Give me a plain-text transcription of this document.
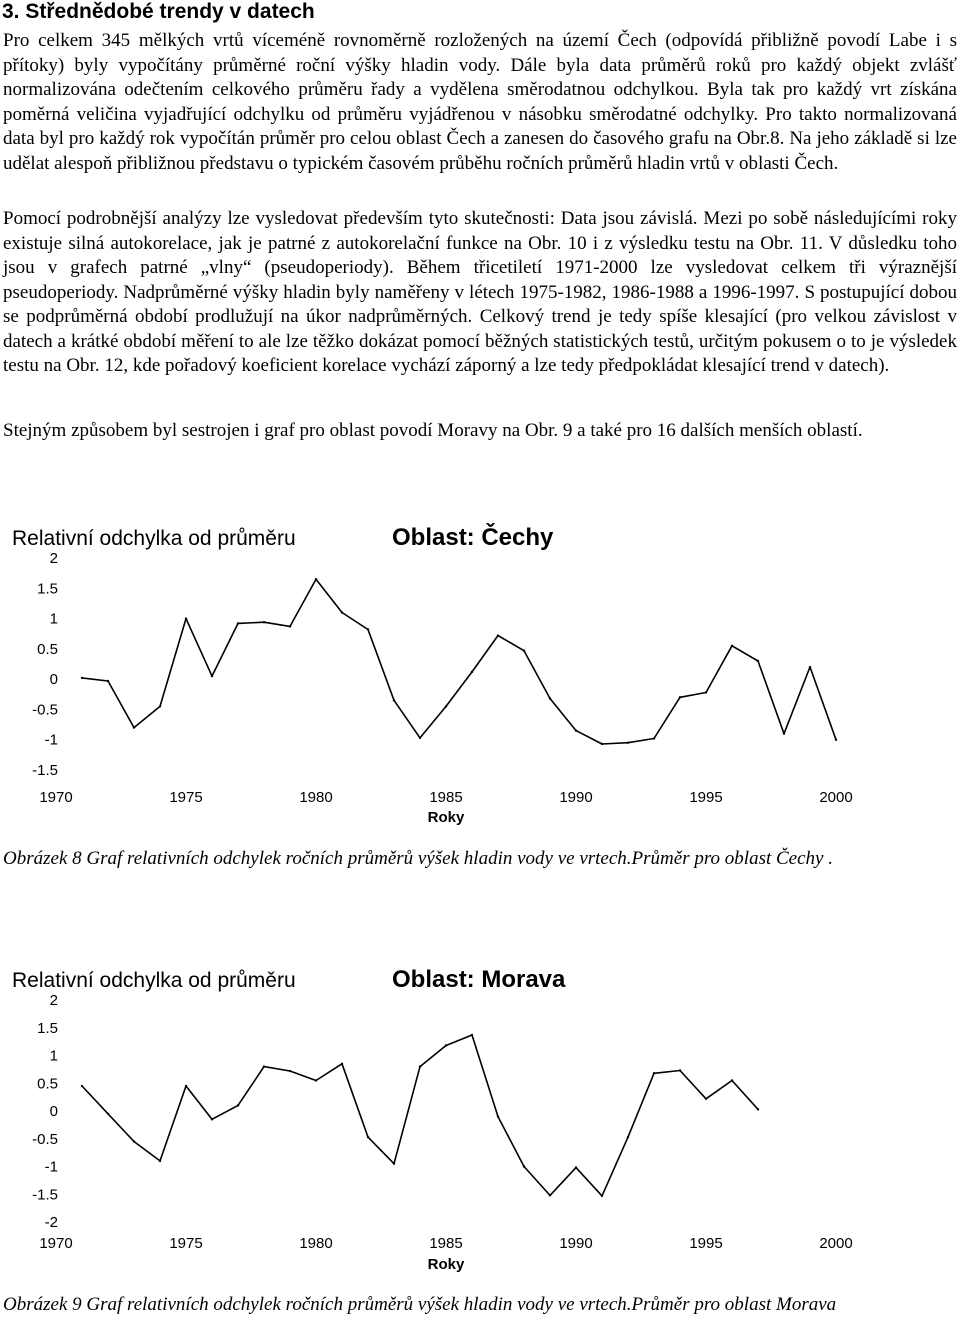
3. Střednědobé trendy v datech

Pro celkem 345 mělkých vrtů víceméně rovnoměrně rozložených na území Čech (odpovídá přibližně povodí Labe i s přítoky) byly vypočítány průměrné roční výšky hladin vody. Dále byla data průměrů roků pro každý objekt zvlášť normalizována odečtením celkového průměru řady a vydělena směrodatnou odchylkou. Byla tak pro každý vrt získána poměrná veličina vyjadřující odchylku od průměru vyjádřenou v násobku směrodatné odchylky. Pro takto normalizovaná data byl pro každý rok vypočítán průměr pro celou oblast Čech a zanesen do časového grafu na Obr.8. Na jeho základě si lze udělat alespoň přibližnou představu o typickém časovém průběhu ročních průměrů hladin vrtů v oblasti Čech.

Pomocí podrobnější analýzy lze vysledovat především tyto skutečnosti: Data jsou závislá. Mezi po sobě následujícími roky existuje silná autokorelace, jak je patrné z autokorelační funkce na Obr. 10 i z výsledku testu na Obr. 11. V důsledku toho jsou v grafech patrné „vlny“ (pseudoperiody). Během třicetiletí 1971-2000 lze vysledovat celkem tři výraznější pseudoperiody. Nadprůměrné výšky hladin byly naměřeny v létech 1975-1982, 1986-1988 a 1996-1997. S postupující dobou se podprůměrná období prodlužují na úkor nadprůměrných. Celkový trend je tedy spíše klesající (pro velkou závislost v datech a krátké období měření to ale lze těžko dokázat pomocí běžných statistických testů, určitým pokusem o to je výsledek testu na Obr. 12, kde pořadový koeficient korelace vychází záporný a lze tedy předpokládat klesající trend v datech).

Stejným způsobem byl sestrojen i graf pro oblast povodí Moravy na Obr. 9 a také pro 16 dalších menších oblastí.

Relativní odchylka od průměru	Oblast: Čechy
2
1.5
1
0.5
0
-0.5
-1
-1.5
1970	1975	1980	1985	1990	1995	2000
Roky

Obrázek 8 Graf relativních odchylek ročních průměrů výšek hladin vody ve vrtech.Průměr pro oblast Čechy .

Relativní odchylka od průměru	Oblast: Morava
2
1.5
1
0.5
0
-0.5
-1
-1.5
-2
1970	1975	1980	1985	1990	1995	2000
Roky

Obrázek 9 Graf relativních odchylek ročních průměrů výšek hladin vody ve vrtech.Průměr pro oblast Morava
